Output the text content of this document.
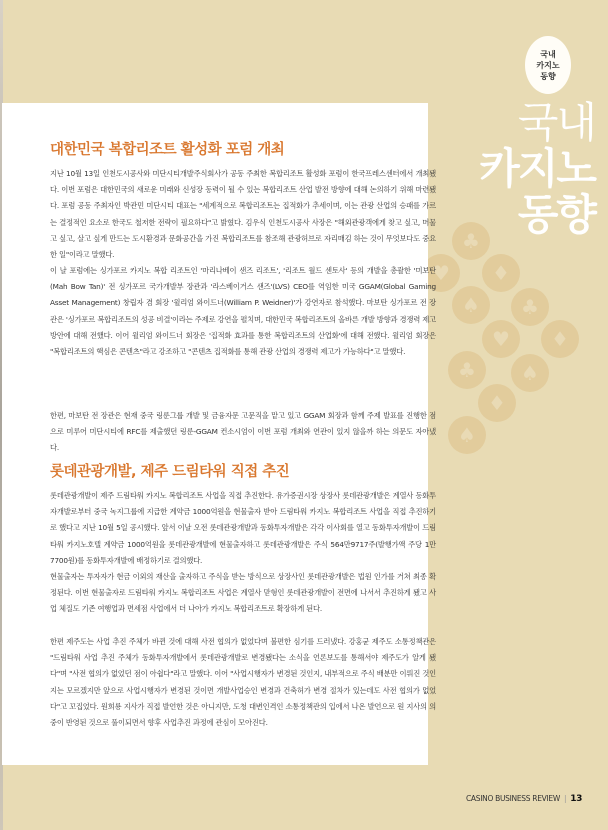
국내
카지노
동향
국내
카지노
동향
♣
♥	♦
♠	♣
♥	♦
♣	♠
♦
♠
대한민국 복합리조트 활성화 포럼 개최

지난 10월 13일 인천도시공사와 미단시티개발주식회사가 공동 주최한 복합리조트 활성화 포럼이 한국프레스센터에서 개최됐다. 이번 포럼은 대한민국의 새로운 미래와 신성장 동력이 될 수 있는 복합리조트 산업 발전 방향에 대해 논의하기 위해 마련됐다. 포럼 공동 주최자인 박관민 미단시티 대표는 "세계적으로 복합리조트는 집적화가 추세이며, 이는 관광 산업의 승패를 가르는 결정적인 요소로 한국도 철저한 전략이 필요하다"고 밝혔다. 김우식 인천도시공사 사장은 "해외관광객에게 찾고 싶고, 머물고 싶고, 살고 싶게 만드는 도시환경과 문화공간을 가진 복합리조트를 참조해 관광허브로 자리매김 하는 것이 무엇보다도 중요한 일"이라고 말했다.

이 날 포럼에는 싱가포르 카지노 복합 리조트인 '마리나베이 샌즈 리조트', '리조트 월드 센토사' 등의 개발을 총괄한 '미보탄(Mah Bow Tan)' 전 싱가포르 국가개발부 장관과 '라스베이거스 샌즈'(LVS) CEO를 역임한 미국 GGAM(Global Gaming Asset Management) 창립자 겸 회장 '윌리엄 와이드너(William P. Weidner)'가 강연자로 참석했다. 마보탄 싱가포르 전 장관은 '싱가포르 복합리조트의 성공 비결'이라는 주제로 강연을 펼치며, 대한민국 복합리조트의 올바른 개발 방향과 경쟁력 제고 방안에 대해 전했다. 이어 윌리엄 와이드너 회장은 '집적화 효과를 통한 복합리조트의 산업화'에 대해 전했다. 윌리엄 회장은 "복합리조트의 핵심은 콘텐츠"라고 강조하고 "콘텐츠 집적화를 통해 관광 산업의 경쟁력 제고가 가능하다"고 말했다.

한편, 마보탄 전 장관은 현재 중국 링룬그룹 개발 및 금융자문 고문직을 맡고 있고 GGAM 회장과 함께 주제 발표를 진행한 점으로 미루어 미단시티에 RFC를 제출했던 링룬-GGAM 컨소시엄이 이번 포럼 개최와 연관이 있지 않을까 하는 의문도 자아냈다.

롯데관광개발, 제주 드림타워 직접 추진

롯데관광개발이 제주 드림타워 카지노 복합리조트 사업을 직접 추진한다. 유가증권시장 상장사 롯데관광개발은 계열사 동화투자개발로부터 중국 녹지그룹에 지급한 계약금 1000억원을 현물출자 받아 드림타워 카지노 복합리조트 사업을 직접 추진하기로 했다고 지난 10월 5일 공시했다. 앞서 이날 오전 롯데관광개발과 동화투자개발은 각각 이사회를 열고 동화투자개발이 드림타워 카지노호텔 계약금 1000억원을 롯데관광개발에 현물출자하고 롯데관광개발은 주식 564만9717주(발행가액 주당 1만7700원)를 동화투자개발에 배정하기로 결의했다.

현물출자는 투자자가 현금 이외의 재산을 출자하고 주식을 받는 방식으로 상장사인 롯데관광개발은 법원 인가를 거쳐 최종 확정된다. 이번 현물출자로 드림타워 카지노 복합리조트 사업은 계열사 맏형인 롯데관광개발이 전면에 나서서 추진하게 됐고 사업 체질도 기존 여행업과 면세점 사업에서 더 나아가 카지노 복합리조트로 확장하게 된다.

한편 제주도는 사업 추진 주체가 바뀐 것에 대해 사전 협의가 없었다며 불편한 심기를 드러냈다. 강홍균 제주도 소통정책관은 "드림타워 사업 추진 주체가 동화투자개발에서 롯데관광개발로 변경됐다는 소식을 언론보도를 통해서야 제주도가 알게 됐다"며 "사전 협의가 없었던 점이 아쉽다"라고 말했다. 이어 "사업시행자가 변경된 것인지, 내부적으로 주식 배분만 이뤄진 것인지는 모르겠지만 앞으로 사업시행자가 변경된 것이면 개발사업승인 변경과 건축허가 변경 절차가 있는데도 사전 협의가 없었다"고 꼬집었다. 원희룡 지사가 직접 발언한 것은 아니지만, 도청 대변인격인 소통정책관의 입에서 나온 발언으로 원 지사의 의중이 반영된 것으로 풀이되면서 향후 사업추진 과정에 관심이 모아진다.

CASINO BUSINESS REVIEW | 13
